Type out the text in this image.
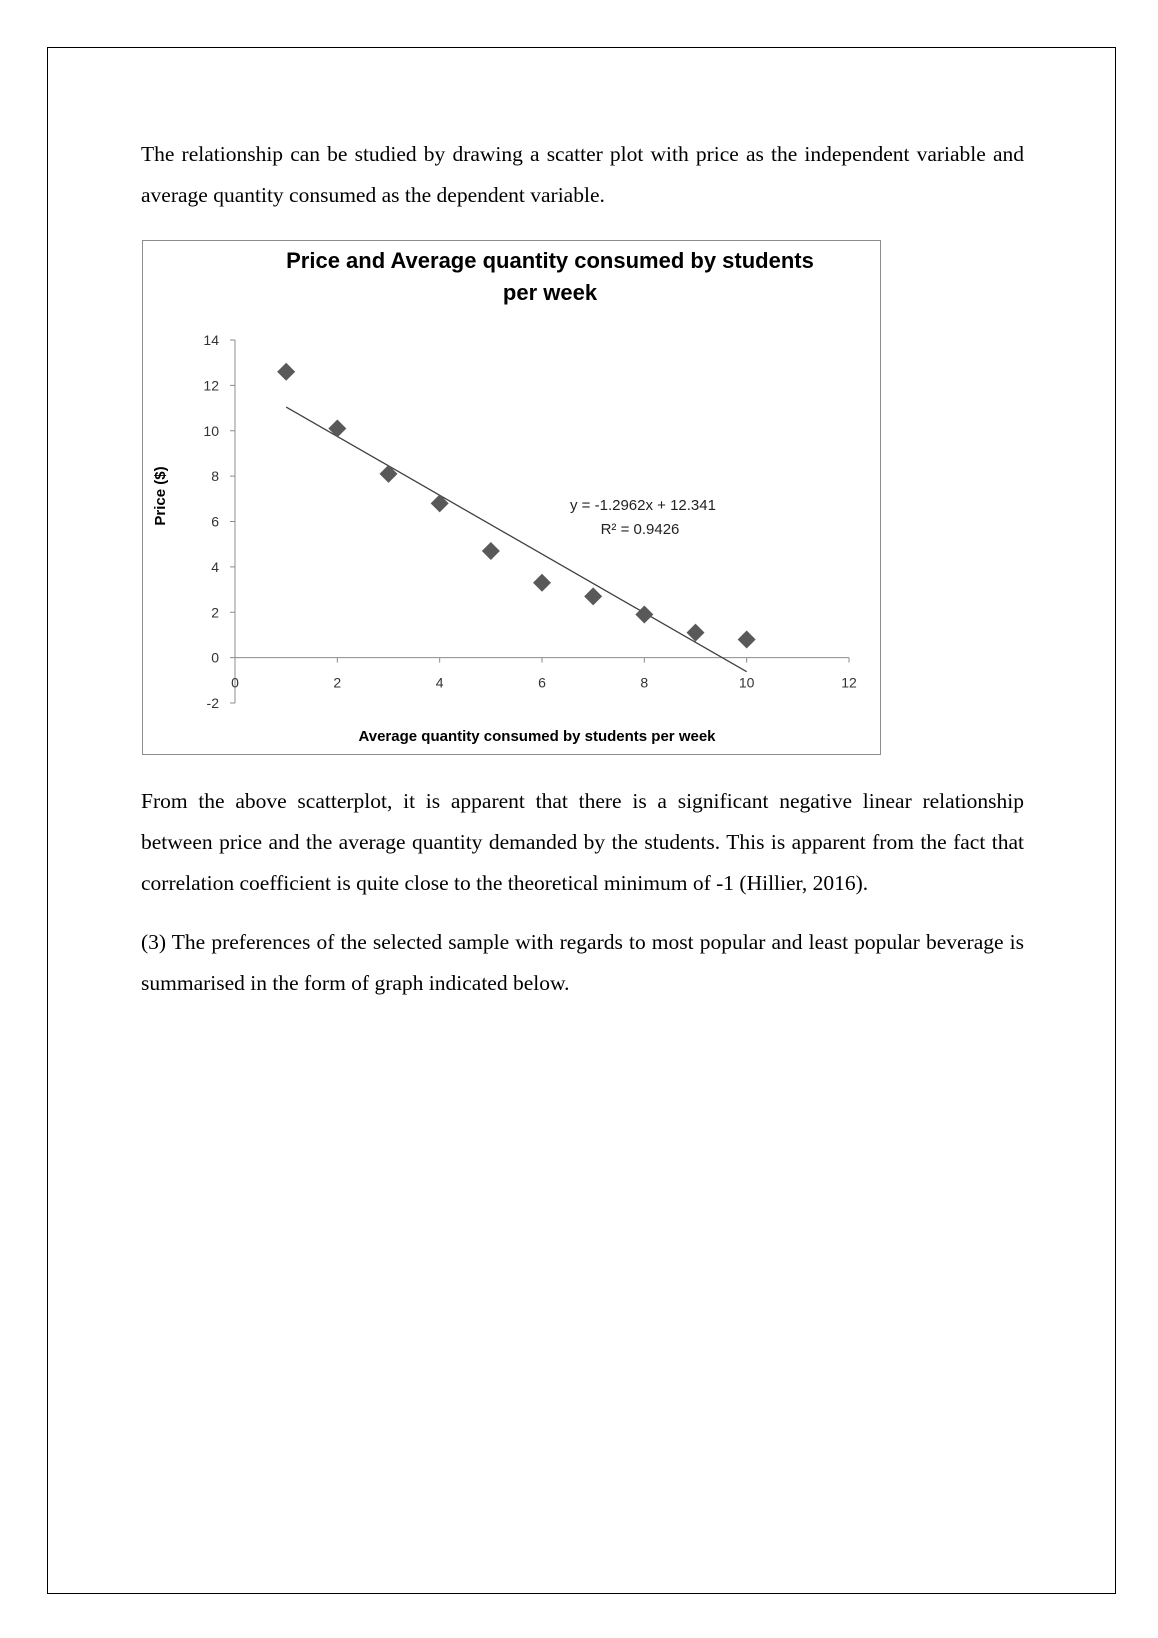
The relationship can be studied by drawing a scatter plot with price as the independent variable and average quantity consumed as the dependent variable.

Price and Average quantity consumed by students
per week
-2
0
2
4
6
8
10
12
14
0	2	4	6	8	10	12
Average quantity consumed by students per week
Price ($)	y = -1.2962x + 12.341
R² = 0.9426

From the above scatterplot, it is apparent that there is a significant negative linear relationship between price and the average quantity demanded by the students. This is apparent from the fact that correlation coefficient is quite close to the theoretical minimum of -1 (Hillier, 2016).

(3) The preferences of the selected sample with regards to most popular and least popular beverage is summarised in the form of graph indicated below.
